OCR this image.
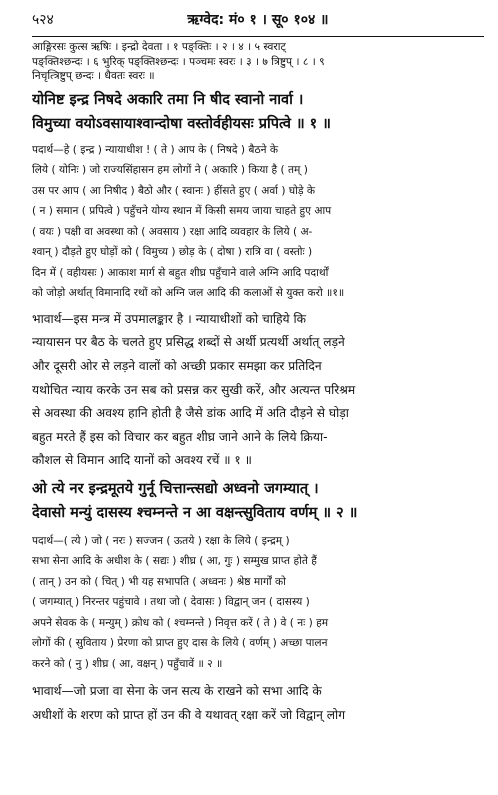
५२४	ऋग्वेद: मं० १ । सू० १०४ ॥
आङ्गिरसः कुत्स ऋषिः । इन्द्रो देवता । १ पङ्क्तिः । २ । ४ । ५ स्वराट्
पङ्क्तिश्छन्दः । ६ भुरिक् पङ्क्तिश्छन्दः । पञ्चमः स्वरः । ३ । ७ त्रिष्टुप् । ८ । ९
निचृत्त्रिष्टुप् छन्दः । धैवतः स्वरः ॥
योनिष्ट इन्द्र निषदे अकारि तमा नि षीद स्वानो नार्वा ।
विमुच्या वयोऽवसायाश्वान्दोषा वस्तोर्वहीयसः प्रपित्वे ॥ १ ॥
पदार्थ—हे ( इन्द्र ) न्यायाधीश ! ( ते ) आप के ( निषदे ) बैठने के
लिये ( योनिः ) जो राज्यसिंहासन हम लोगों ने ( अकारि ) किया है ( तम् )
उस पर आप ( आ निषीद ) बैठो और ( स्वानः ) हींसते हुए ( अर्वा ) घोड़े के
( न ) समान ( प्रपित्वे ) पहुँचने योग्य स्थान में किसी समय जाया चाहते हुए आप
( वयः ) पक्षी वा अवस्था को ( अवसाय ) रक्षा आदि व्यवहार के लिये ( अ-
श्वान् ) दौड़ते हुए घोड़ों को ( विमुच्य ) छोड़ के ( दोषा ) रात्रि वा ( वस्तोः )
दिन में ( वहीयसः ) आकाश मार्ग से बहुत शीघ्र पहुँचाने वाले अग्नि आदि पदार्थों
को जोड़ो अर्थात् विमानादि रथों को अग्नि जल आदि की कलाओं से युक्त करो ॥१॥
भावार्थ—इस मन्त्र में उपमालङ्कार है । न्यायाधीशों को चाहिये कि
न्यायासन पर बैठ के चलते हुए प्रसिद्ध शब्दों से अर्थी प्रत्यर्थी अर्थात् लड़ने
और दूसरी ओर से लड़ने वालों को अच्छी प्रकार समझा कर प्रतिदिन
यथोचित न्याय करके उन सब को प्रसन्न कर सुखी करें, और अत्यन्त परिश्रम
से अवस्था की अवश्य हानि होती है जैसे डांक आदि में अति दौड़ने से घोड़ा
बहुत मरते हैं इस को विचार कर बहुत शीघ्र जाने आने के लिये क्रिया-
कौशल से विमान आदि यानों को अवश्य रचें ॥ १ ॥
ओ त्ये नर इन्द्रमूतये गुर्नू चित्तान्त्सद्यो अध्वनो जगम्यात् ।
देवासो मन्युं दासस्य श्चम्नन्ते न आ वक्षन्त्सुविताय वर्णम् ॥ २ ॥
पदार्थ—( त्ये ) जो ( नरः ) सज्जन ( ऊतये ) रक्षा के लिये ( इन्द्रम् )
सभा सेना आदि के अधीश के ( सद्यः ) शीघ्र ( आ, गुः ) सम्मुख प्राप्त होते हैं
( तान् ) उन को ( चित् ) भी यह सभापति ( अध्वनः ) श्रेष्ठ मार्गों को
( जगम्यात् ) निरन्तर पहुंचावे । तथा जो ( देवासः ) विद्वान् जन ( दासस्य )
अपने सेवक के ( मन्युम् ) क्रोध को ( श्चम्नन्ते ) निवृत्त करें ( ते ) वे ( नः ) हम
लोगों की ( सुविताय ) प्रेरणा को प्राप्त हुए दास के लिये ( वर्णम् ) अच्छा पालन
करने को ( नु ) शीघ्र ( आ, वक्षन् ) पहुँचावें ॥ २ ॥
भावार्थ—जो प्रजा वा सेना के जन सत्य के राखने को सभा आदि के
अधीशों के शरण को प्राप्त हों उन की वे यथावत् रक्षा करें जो विद्वान् लोग
